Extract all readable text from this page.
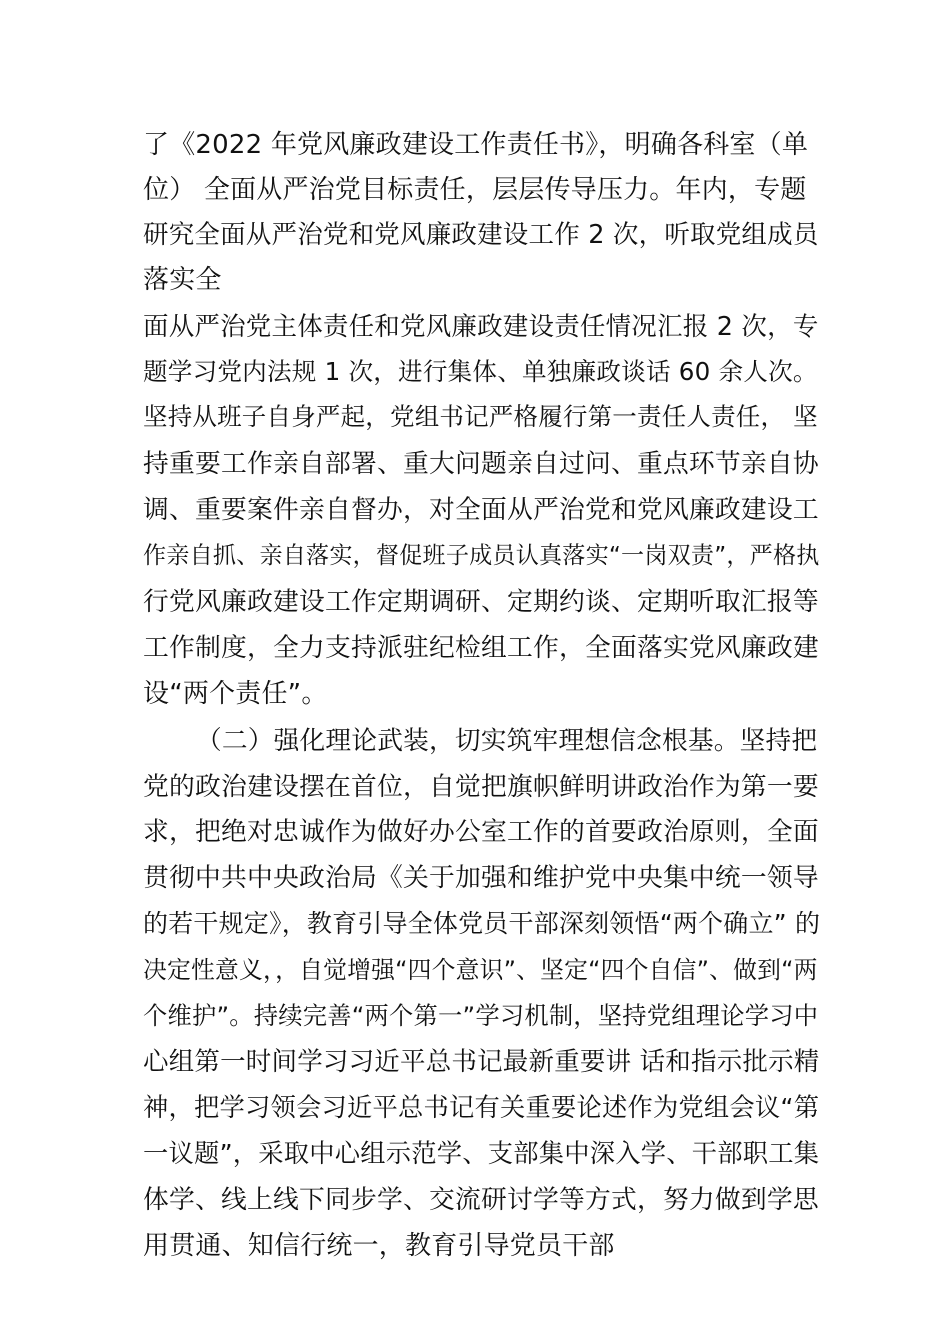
了《2022 年党风廉政建设工作责任书》，明确各科室（单

位） 全面从严治党目标责任，层层传导压力。年内，专题

研究全面从严治党和党风廉政建设工作 2 次，听取党组成员

落实全

面从严治党主体责任和党风廉政建设责任情况汇报 2 次，专

题学习党内法规 1 次，进行集体、单独廉政谈话 60 余人次。

坚持从班子自身严起，党组书记严格履行第一责任人责任， 坚

持重要工作亲自部署、重大问题亲自过问、重点环节亲自协

调、重要案件亲自督办，对全面从严治党和党风廉政建设工

作亲自抓、亲自落实，督促班子成员认真落实“一岗双责”，严格执

行党风廉政建设工作定期调研、定期约谈、定期听取汇报等

工作制度，全力支持派驻纪检组工作，全面落实党风廉政建

设“两个责任”。

（二）强化理论武装，切实筑牢理想信念根基。坚持把

党的政治建设摆在首位，自觉把旗帜鲜明讲政治作为第一要

求，把绝对忠诚作为做好办公室工作的首要政治原则，全面

贯彻中共中央政治局《关于加强和维护党中央集中统一领导

的若干规定》，教育引导全体党员干部深刻领悟“两个确立” 的

决定性意义，，自觉增强“四个意识”、坚定“四个自信”、做到“两

个维护”。持续完善“两个第一”学习机制，坚持党组理论学习中

心组第一时间学习习近平总书记最新重要讲 话和指示批示精

神，把学习领会习近平总书记有关重要论述作为党组会议“第

一议题”，采取中心组示范学、支部集中深入学、干部职工集

体学、线上线下同步学、交流研讨学等方式，努力做到学思

用贯通、知信行统一，教育引导党员干部
